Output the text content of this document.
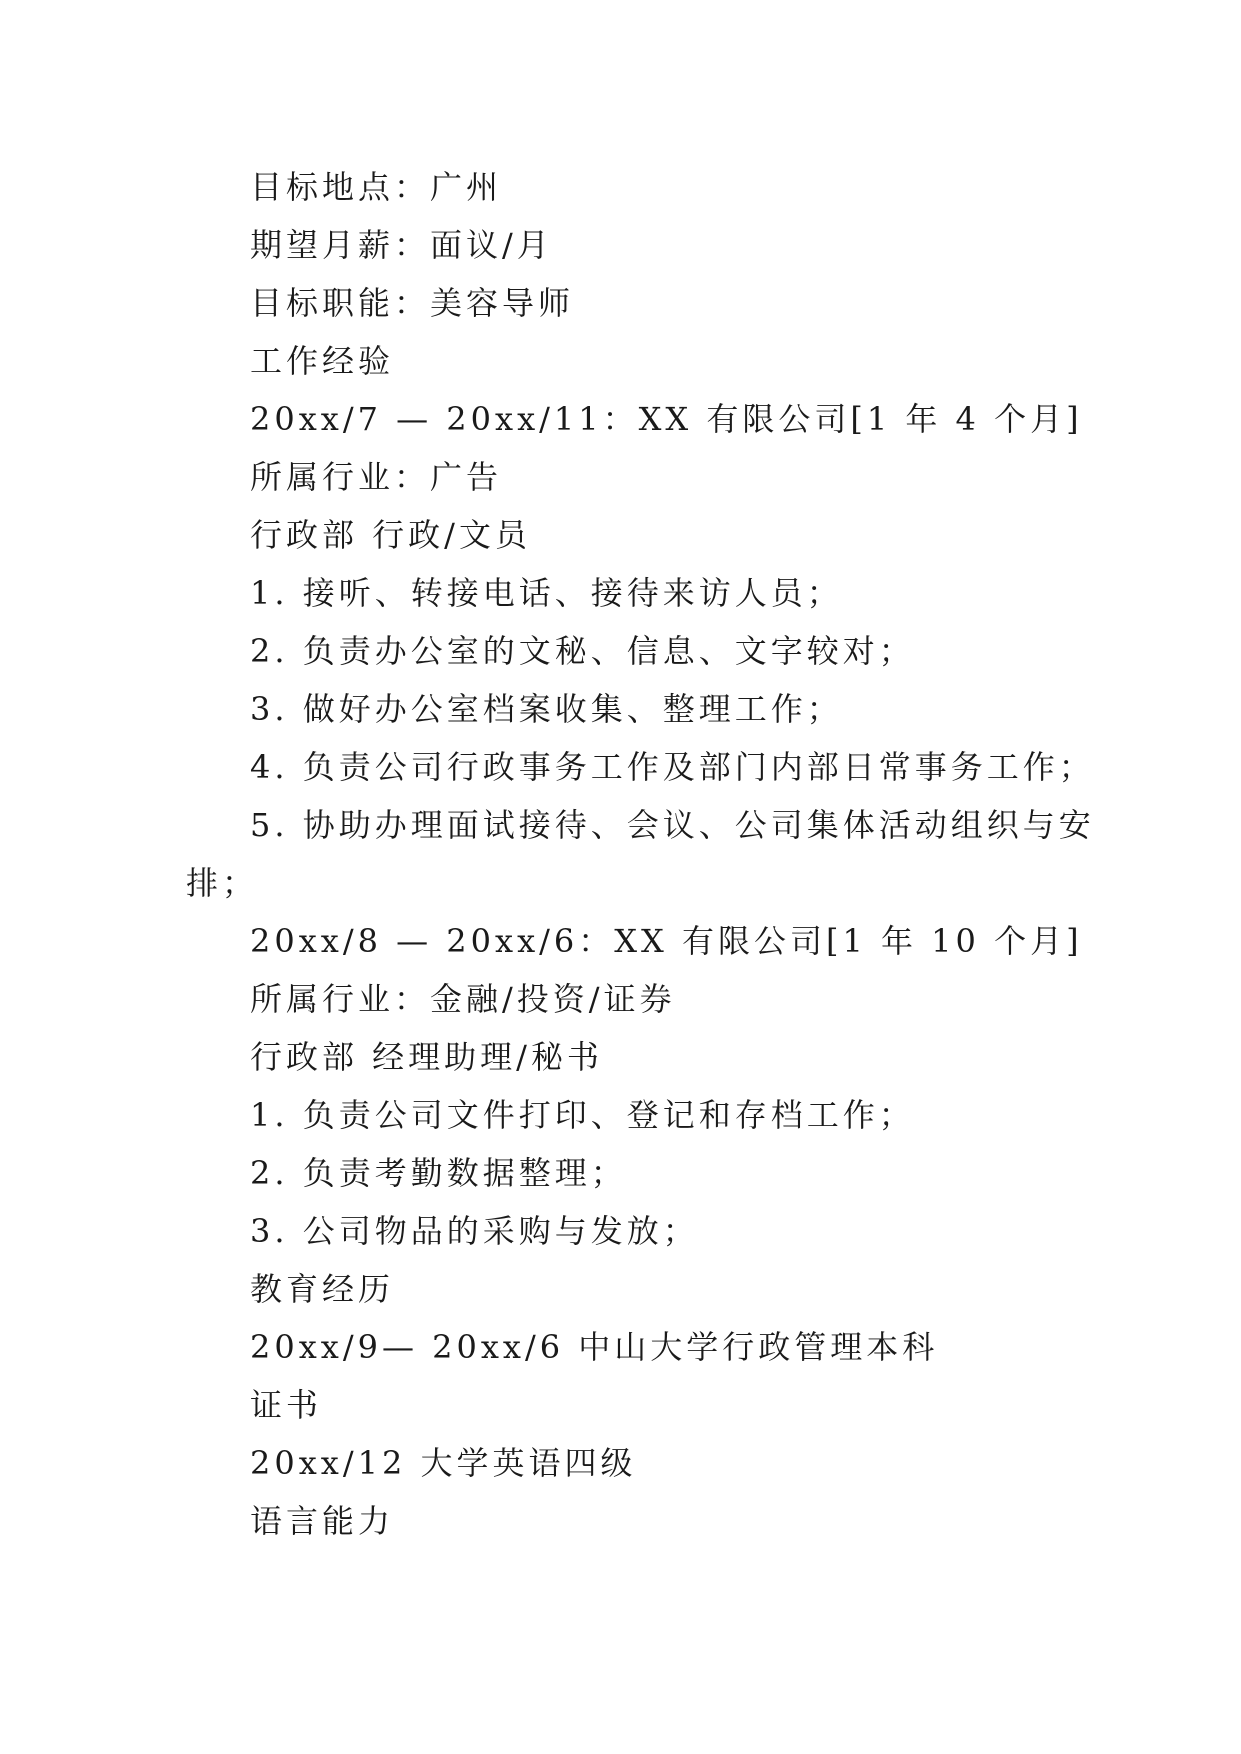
目标地点：广州
期望月薪：面议/月
目标职能：美容导师
工作经验
20xx/7 — 20xx/11：XX 有限公司[1 年 4 个月]
所属行业：广告
行政部 行政/文员
1. 接听、转接电话、接待来访人员；
2. 负责办公室的文秘、信息、文字较对；
3. 做好办公室档案收集、整理工作；
4. 负责公司行政事务工作及部门内部日常事务工作；
5. 协助办理面试接待、会议、公司集体活动组织与安
排；
20xx/8 — 20xx/6：XX 有限公司[1 年 10 个月]
所属行业：金融/投资/证券
行政部 经理助理/秘书
1. 负责公司文件打印、登记和存档工作；
2. 负责考勤数据整理；
3. 公司物品的采购与发放；
教育经历
20xx/9— 20xx/6 中山大学行政管理本科
证书
20xx/12 大学英语四级
语言能力
